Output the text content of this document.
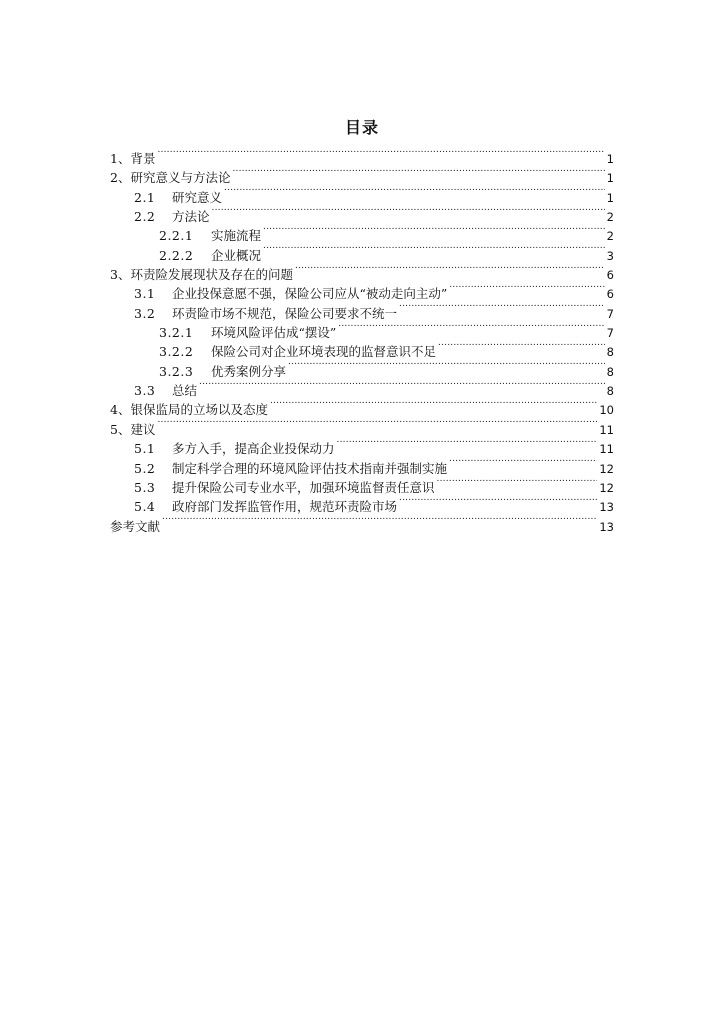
目录
1、背景 .....	1
2、研究意义与方法论 .....	1
2.1	研究意义 .....	1
2.2	方法论 .....	2
2.2.1	实施流程 .....	2
2.2.2	企业概况 .....	3
3、环责险发展现状及存在的问题 .....	6
3.1	企业投保意愿不强，保险公司应从“被动走向主动” .....	6
3.2	环责险市场不规范，保险公司要求不统一 .....	7
3.2.1	环境风险评估成“摆设” .....	7
3.2.2	保险公司对企业环境表现的监督意识不足 .....	8
3.2.3	优秀案例分享 .....	8
3.3	总结 .....	8
4、银保监局的立场以及态度 .....	10
5、建议 .....	11
5.1	多方入手，提高企业投保动力 .....	11
5.2	制定科学合理的环境风险评估技术指南并强制实施 .....	12
5.3	提升保险公司专业水平，加强环境监督责任意识 .....	12
5.4	政府部门发挥监管作用，规范环责险市场 .....	13
参考文献 .....	13
